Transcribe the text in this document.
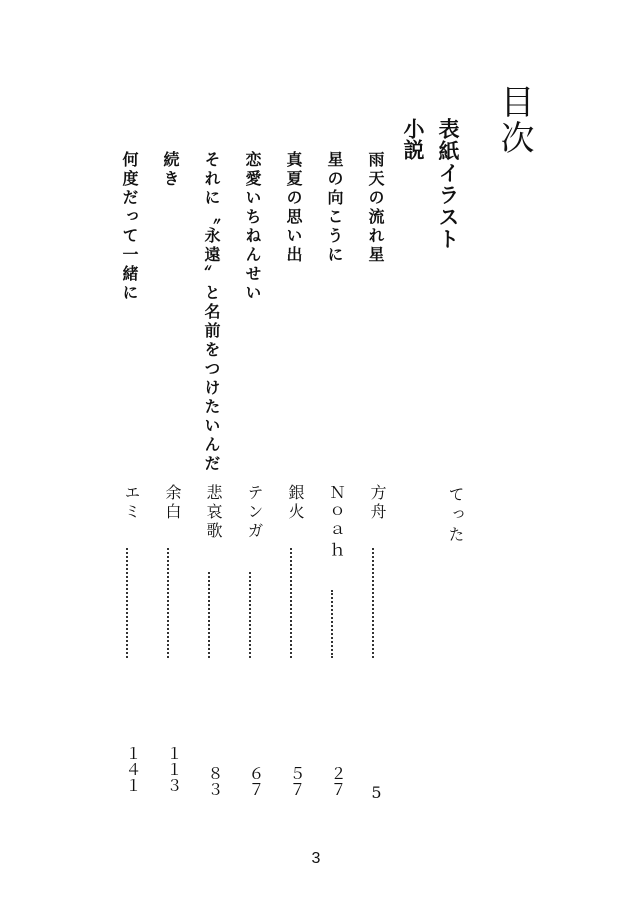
目次
表紙イラスト
てった
小説
雨天の流れ星
方舟
5
星の向こうに
Ｎｏａｈ
２７
真夏の思い出
銀火
５７
恋愛いちねんせい
テンガ
６７
それに〝永遠〟と名前をつけたいんだ
悲哀歌
８３
続き
余白
１１３
何度だって一緒に
エミ
１４１
3
